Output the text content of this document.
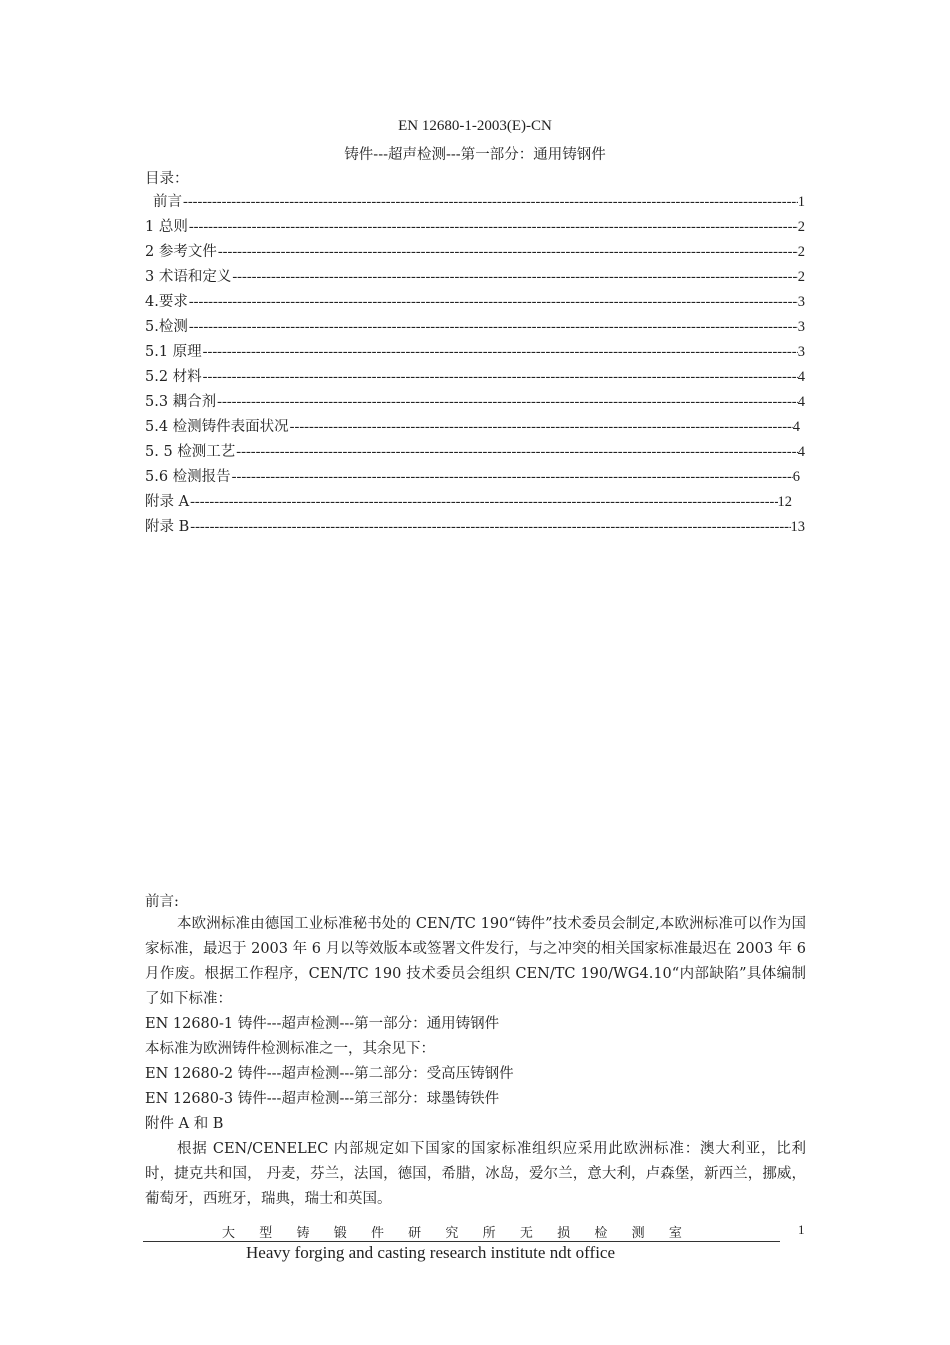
EN 12680-1-2003(E)-CN
铸件---超声检测---第一部分：通用铸钢件
目录：
前言 -----	1
1 总则 -----	2
2 参考文件 -----	2
3 术语和定义 -----	2
4.要求 -----	3
5.检测 -----	3
5.1 原理 -----	3
5.2 材料 -----	4
5.3 耦合剂 -----	4
5.4 检测铸件表面状况 -----	4
5. 5 检测工艺 -----	4
5.6 检测报告 -----	6
附录 A -----	12
附录 B -----	13
前言:

本欧洲标准由德国工业标准秘书处的 CEN/TC 190“铸件”技术委员会制定,本欧洲标准可以作为国家标准，最迟于 2003 年 6 月以等效版本或签署文件发行，与之冲突的相关国家标准最迟在 2003 年 6 月作废。根据工作程序，CEN/TC 190 技术委员会组织 CEN/TC 190/WG4.10“内部缺陷”具体编制了如下标准：

EN 12680-1 铸件---超声检测---第一部分：通用铸钢件

本标准为欧洲铸件检测标准之一，其余见下：

EN 12680-2 铸件---超声检测---第二部分：受高压铸钢件

EN 12680-3 铸件---超声检测---第三部分：球墨铸铁件

附件 A 和 B

根据 CEN/CENELEC 内部规定如下国家的国家标准组织应采用此欧洲标准：澳大利亚，比利时，捷克共和国， 丹麦，芬兰，法国，德国，希腊，冰岛，爱尔兰，意大利，卢森堡，新西兰，挪威， 葡萄牙，西班牙，瑞典，瑞士和英国。

大 型 铸 锻 件 研 究 所 无 损 检 测 室	1
Heavy forging and casting research institute ndt office
